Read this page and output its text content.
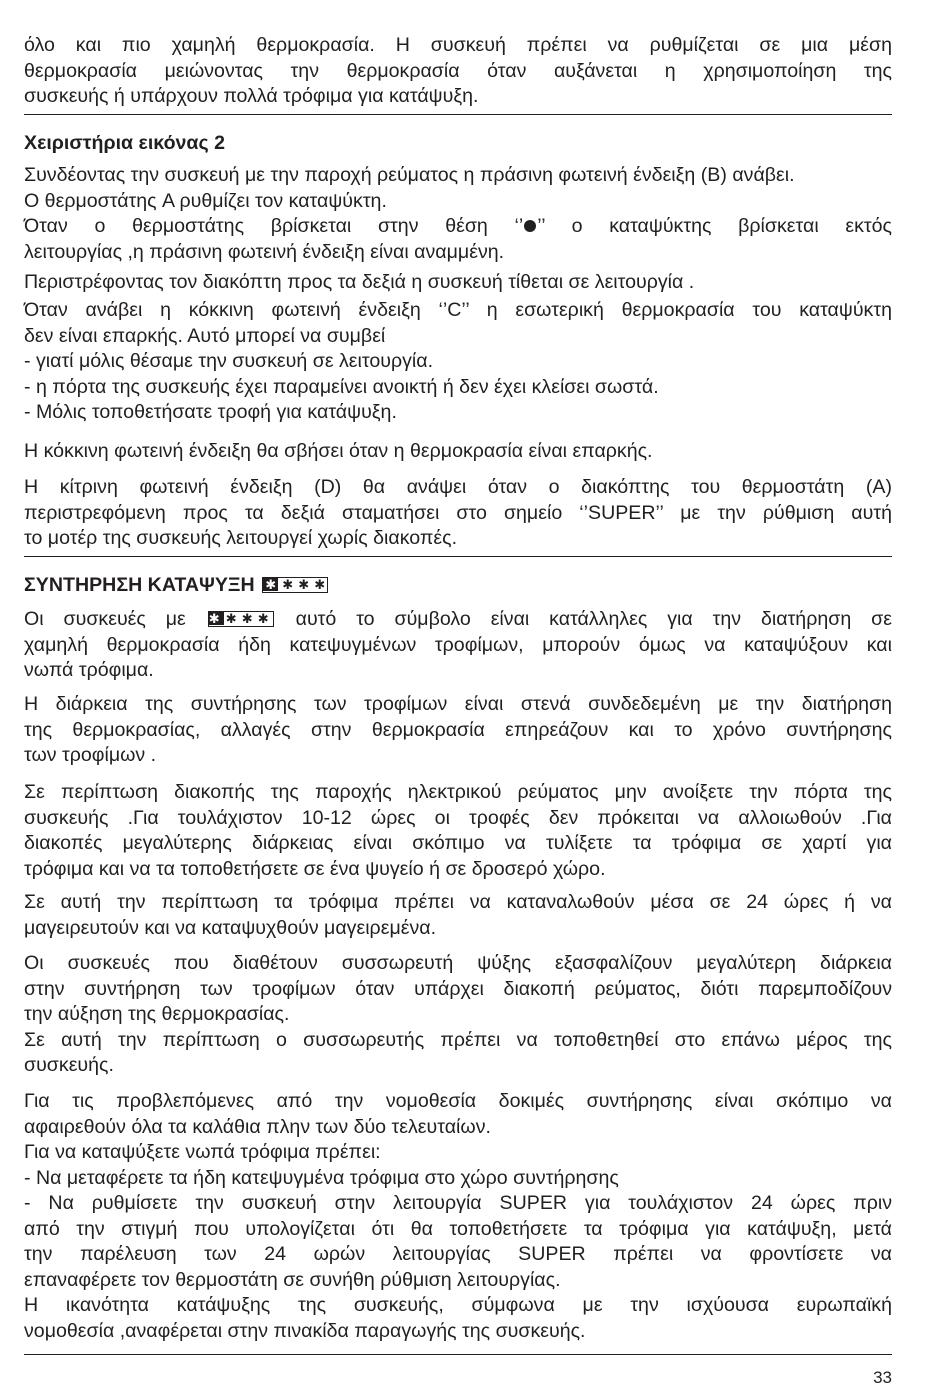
όλο και πιο χαμηλή θερμοκρασία. Η συσκευή πρέπει να ρυθμίζεται σε μια μέση
θερμοκρασία μειώνοντας την θερμοκρασία όταν αυξάνεται η χρησιμοποίηση της
συσκευής ή υπάρχουν πολλά τρόφιμα για κατάψυξη.
Χειριστήρια εικόνας 2
Συνδέοντας την συσκευή με την παροχή ρεύματος η πράσινη φωτεινή ένδειξη (B) ανάβει.
Ο θερμοστάτης A ρυθμίζει τον καταψύκτη.
Όταν ο θερμοστάτης βρίσκεται στην θέση ‘’ ’’ ο καταψύκτης βρίσκεται εκτός
λειτουργίας ,η πράσινη φωτεινή ένδειξη είναι αναμμένη.
Περιστρέφοντας τον διακόπτη προς τα δεξιά η συσκευή τίθεται σε λειτουργία .
Όταν ανάβει η κόκκινη φωτεινή ένδειξη ‘’C’’ η εσωτερική θερμοκρασία του καταψύκτη
δεν είναι επαρκής. Αυτό μπορεί να συμβεί
- γιατί μόλις θέσαμε την συσκευή σε λειτουργία.
- η πόρτα της συσκευής έχει παραμείνει ανοικτή ή δεν έχει κλείσει σωστά.
- Μόλις τοποθετήσατε τροφή για κατάψυξη.
Η κόκκινη φωτεινή ένδειξη θα σβήσει όταν η θερμοκρασία είναι επαρκής.
Η κίτρινη φωτεινή ένδειξη (D) θα ανάψει όταν ο διακόπτης του θερμοστάτη (A)
περιστρεφόμενη προς τα δεξιά σταματήσει στο σημείο ‘’SUPER’’ με την ρύθμιση αυτή
το μοτέρ της συσκευής λειτουργεί χωρίς διακοπές.
ΣΥΝΤΗΡΗΣΗ ΚΑΤΑΨΥΞΗ ✱ ✱ ✱ ✱
Οι συσκευές με ✱ ✱ ✱ ✱ αυτό το σύμβολο είναι κατάλληλες για την διατήρηση σε
χαμηλή θερμοκρασία ήδη κατεψυγμένων τροφίμων, μπορούν όμως να καταψύξουν και
νωπά τρόφιμα.
Η διάρκεια της συντήρησης των τροφίμων είναι στενά συνδεδεμένη με την διατήρηση
της θερμοκρασίας, αλλαγές στην θερμοκρασία επηρεάζουν και το χρόνο συντήρησης
των τροφίμων .
Σε περίπτωση διακοπής της παροχής ηλεκτρικού ρεύματος μην ανοίξετε την πόρτα της
συσκευής .Για τουλάχιστον 10-12 ώρες οι τροφές δεν πρόκειται να αλλοιωθούν .Για
διακοπές μεγαλύτερης διάρκειας είναι σκόπιμο να τυλίξετε τα τρόφιμα σε χαρτί για
τρόφιμα και να τα τοποθετήσετε σε ένα ψυγείο ή σε δροσερό χώρο.
Σε αυτή την περίπτωση τα τρόφιμα πρέπει να καταναλωθούν μέσα σε 24 ώρες ή να
μαγειρευτούν και να καταψυχθούν μαγειρεμένα.
Οι συσκευές που διαθέτουν συσσωρευτή ψύξης εξασφαλίζουν μεγαλύτερη διάρκεια
στην συντήρηση των τροφίμων όταν υπάρχει διακοπή ρεύματος, διότι παρεμποδίζουν
την αύξηση της θερμοκρασίας.
Σε αυτή την περίπτωση ο συσσωρευτής πρέπει να τοποθετηθεί στο επάνω μέρος της
συσκευής.
Για τις προβλεπόμενες από την νομοθεσία δοκιμές συντήρησης είναι σκόπιμο να
αφαιρεθούν όλα τα καλάθια πλην των δύο τελευταίων.
Για να καταψύξετε νωπά τρόφιμα πρέπει:
- Να μεταφέρετε τα ήδη κατεψυγμένα τρόφιμα στο χώρο συντήρησης
- Να ρυθμίσετε την συσκευή στην λειτουργία SUPER για τουλάχιστον 24 ώρες πριν
από την στιγμή που υπολογίζεται ότι θα τοποθετήσετε τα τρόφιμα για κατάψυξη, μετά
την παρέλευση των 24 ωρών λειτουργίας SUPER πρέπει να φροντίσετε να
επαναφέρετε τον θερμοστάτη σε συνήθη ρύθμιση λειτουργίας.
Η ικανότητα κατάψυξης της συσκευής, σύμφωνα με την ισχύουσα ευρωπαϊκή
νομοθεσία ,αναφέρεται στην πινακίδα παραγωγής της συσκευής.
33
